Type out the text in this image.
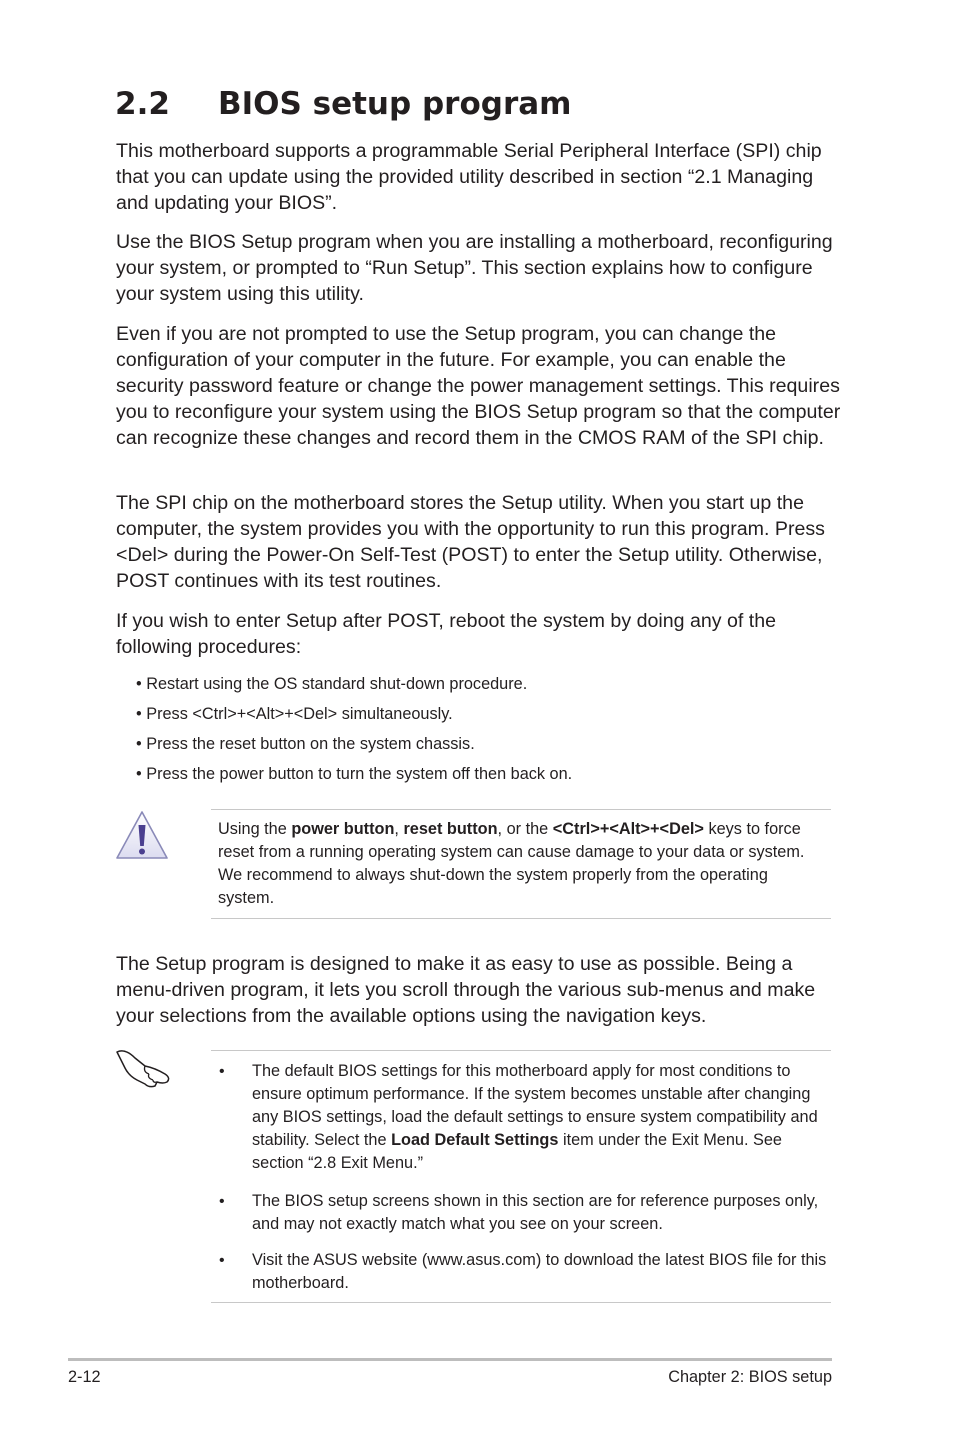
2.2 BIOS setup program

This motherboard supports a programmable Serial Peripheral Interface (SPI) chip that you can update using the provided utility described in section “2.1 Managing and updating your BIOS”.

Use the BIOS Setup program when you are installing a motherboard, reconfiguring your system, or prompted to “Run Setup”. This section explains how to configure your system using this utility.

Even if you are not prompted to use the Setup program, you can change the configuration of your computer in the future. For example, you can enable the security password feature or change the power management settings. This requires you to reconfigure your system using the BIOS Setup program so that the computer can recognize these changes and record them in the CMOS RAM of the SPI chip.

The SPI chip on the motherboard stores the Setup utility. When you start up the computer, the system provides you with the opportunity to run this program. Press <Del> during the Power-On Self-Test (POST) to enter the Setup utility. Otherwise, POST continues with its test routines.

If you wish to enter Setup after POST, reboot the system by doing any of the following procedures:

• Restart using the OS standard shut-down procedure.
• Press <Ctrl>+<Alt>+<Del> simultaneously.
• Press the reset button on the system chassis.
• Press the power button to turn the system off then back on.
Using the power button, reset button, or the <Ctrl>+<Alt>+<Del> keys to force reset from a running operating system can cause damage to your data or system. We recommend to always shut-down the system properly from the operating system.

The Setup program is designed to make it as easy to use as possible. Being a menu-driven program, it lets you scroll through the various sub-menus and make your selections from the available options using the navigation keys.

• The default BIOS settings for this motherboard apply for most conditions to ensure optimum performance. If the system becomes unstable after changing any BIOS settings, load the default settings to ensure system compatibility and stability. Select the Load Default Settings item under the Exit Menu. See section “2.8 Exit Menu.”
• The BIOS setup screens shown in this section are for reference purposes only, and may not exactly match what you see on your screen.
• Visit the ASUS website (www.asus.com) to download the latest BIOS file for this motherboard.
2-12	Chapter 2: BIOS setup
